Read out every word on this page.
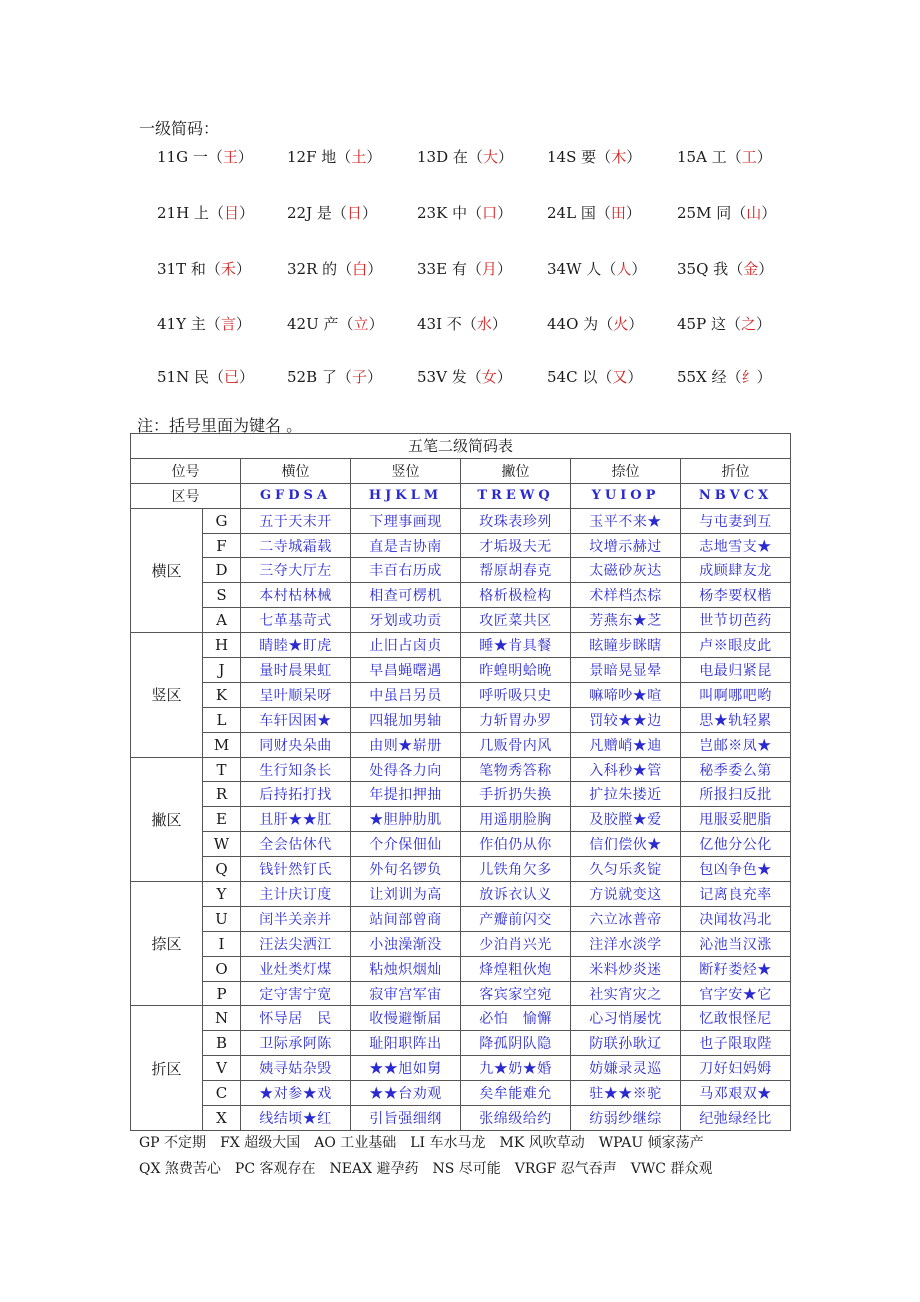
一级简码：
11G 一（王）	12F 地（土）	13D 在（大）	14S 要（木）	15A 工（工）
21H 上（目）	22J 是（日）	23K 中（口）	24L 国（田）	25M 同（山）
31T 和（禾）	32R 的（白）	33E 有（月）	34W 人（人）	35Q 我（金）
41Y 主（言）	42U 产（立）	43I 不（水）	44O 为（火）	45P 这（之）
51N 民（已）	52B 了（子）	53V 发（女）	54C 以（又）	55X 经（纟）
注：括号里面为键名 。
五笔二级简码表						
位号		横位	竖位	撇位	捺位	折位
区号		GFDSA	HJKLM	TREWQ	YUIOP	NBVCX
横区	G	五于天末开	下理事画现	玫珠表珍列	玉平不来★	与屯妻到互
	F	二寺城霜载	直是吉协南	才垢圾夫无	坟增示赫过	志地雪支★
	D	三夺大厅左	丰百右历成	帮原胡春克	太磁砂灰达	成顾肆友龙
	S	本村枯林械	相查可楞机	格析极检构	术样档杰棕	杨李要权楷
	A	七革基苛式	牙划或功贡	攻匠菜共区	芳燕东★芝	世节切芭药
竖区	H	睛睦★盯虎	止旧占卤贞	睡★肯具餐	眩瞳步眯瞎	卢※眼皮此
	J	量时晨果虹	早昌蝇曙遇	昨蝗明蛤晚	景暗晃显晕	电最归紧昆
	K	呈叶顺呆呀	中虽吕另员	呼听吸只史	嘛啼吵★喧	叫啊哪吧哟
	L	车轩因困★	四辊加男轴	力斩胃办罗	罚较★★边	思★轨轻累
	M	同财央朵曲	由则★崭册	几贩骨内风	凡赠峭★迪	岂邮※凤★
撇区	T	生行知条长	处得各力向	笔物秀答称	入科秒★管	秘季委么第
	R	后持拓打找	年提扣押抽	手折扔失换	扩拉朱搂近	所报扫反批
	E	且肝★★肛	★胆肿肋肌	用遥朋脸胸	及胶膛★爱	甩服妥肥脂
	W	全会估休代	个介保佃仙	作伯仍从你	信们偿伙★	亿他分公化
	Q	钱针然钉氏	外旬名锣负	儿铁角欠多	久匀乐炙锭	包凶争色★
捺区	Y	主计庆订度	让刘训为高	放诉衣认义	方说就变这	记离良充率
	U	闰半关亲并	站间部曾商	产瓣前闪交	六立冰普帝	决闻妆冯北
	I	汪法尖洒江	小浊澡渐没	少泊肖兴光	注洋水淡学	沁池当汉涨
	O	业灶类灯煤	粘烛炽烟灿	烽煌粗伙炮	米料炒炎迷	断籽娄烃★
	P	定守害宁宽	寂审宫军宙	客宾家空宛	社实宵灾之	官字安★它
折区	N	怀导居　民	收慢避惭届	必怕　愉懈	心习悄屡忱	忆敢恨怪尼
	B	卫际承阿陈	耻阳职阵出	降孤阴队隐	防联孙耿辽	也子限取陛
	V	姨寻姑杂毁	★★旭如舅	九★奶★婚	妨嫌录灵巡	刀好妇妈姆
	C	★对参★戏	★★台劝观	矣牟能难允	驻★★※驼	马邓艰双★
	X	线结顷★红	引旨强细纲	张绵级给约	纺弱纱继综	纪弛绿经比
GP 不定期 FX 超级大国 AO 工业基础 LI 车水马龙 MK 风吹草动 WPAU 倾家荡产
QX 煞费苦心 PC 客观存在 NEAX 避孕药 NS 尽可能 VRGF 忍气吞声 VWC 群众观
